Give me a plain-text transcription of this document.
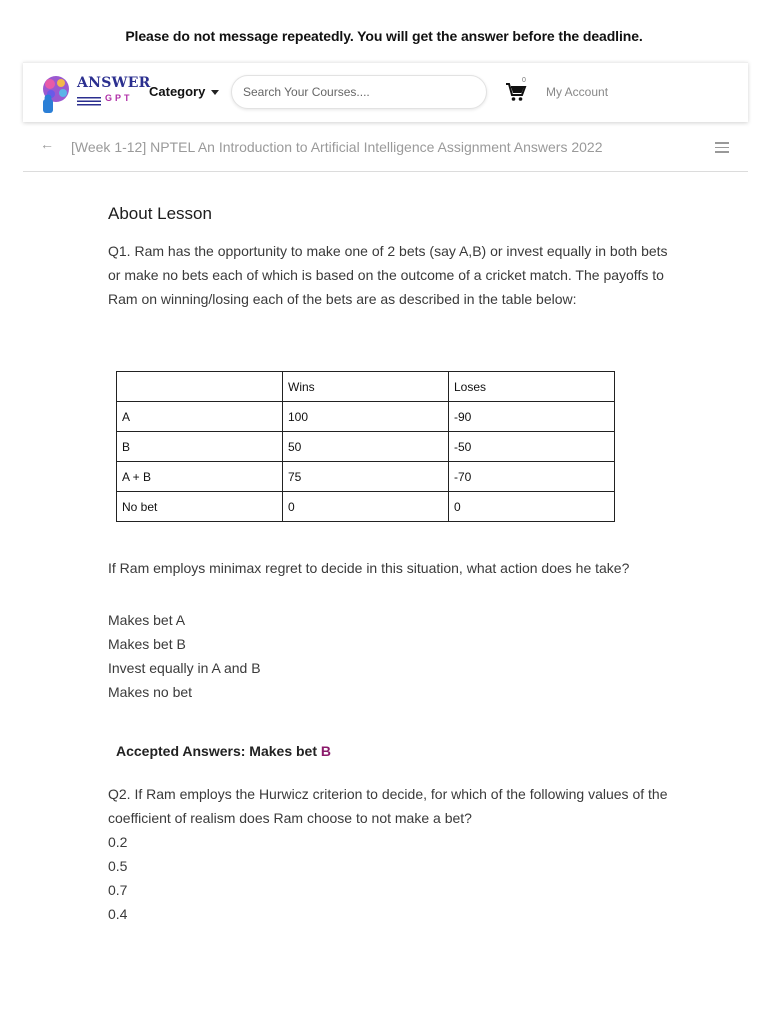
Please do not message repeatedly. You will get the answer before the deadline.
ANSWER
GPT Category
Search Your Courses....
0
My Account
← [Week 1-12] NPTEL An Introduction to Artificial Intelligence Assignment Answers 2022
About Lesson

Q1. Ram has the opportunity to make one of 2 bets (say A,B) or invest equally in both bets or make no bets each of which is based on the outcome of a cricket match. The payoffs to Ram on winning/losing each of the bets are as described in the table below:

	Wins	Loses
A	100	-90
B	50	-50
A + B	75	-70
No bet	0	0

If Ram employs minimax regret to decide in this situation, what action does he take?

Makes bet A
Makes bet B
Invest equally in A and B
Makes no bet
Accepted Answers: Makes bet B

Q2. If Ram employs the Hurwicz criterion to decide, for which of the following values of the coefficient of realism does Ram choose to not make a bet?

0.2
0.5
0.7
0.4
